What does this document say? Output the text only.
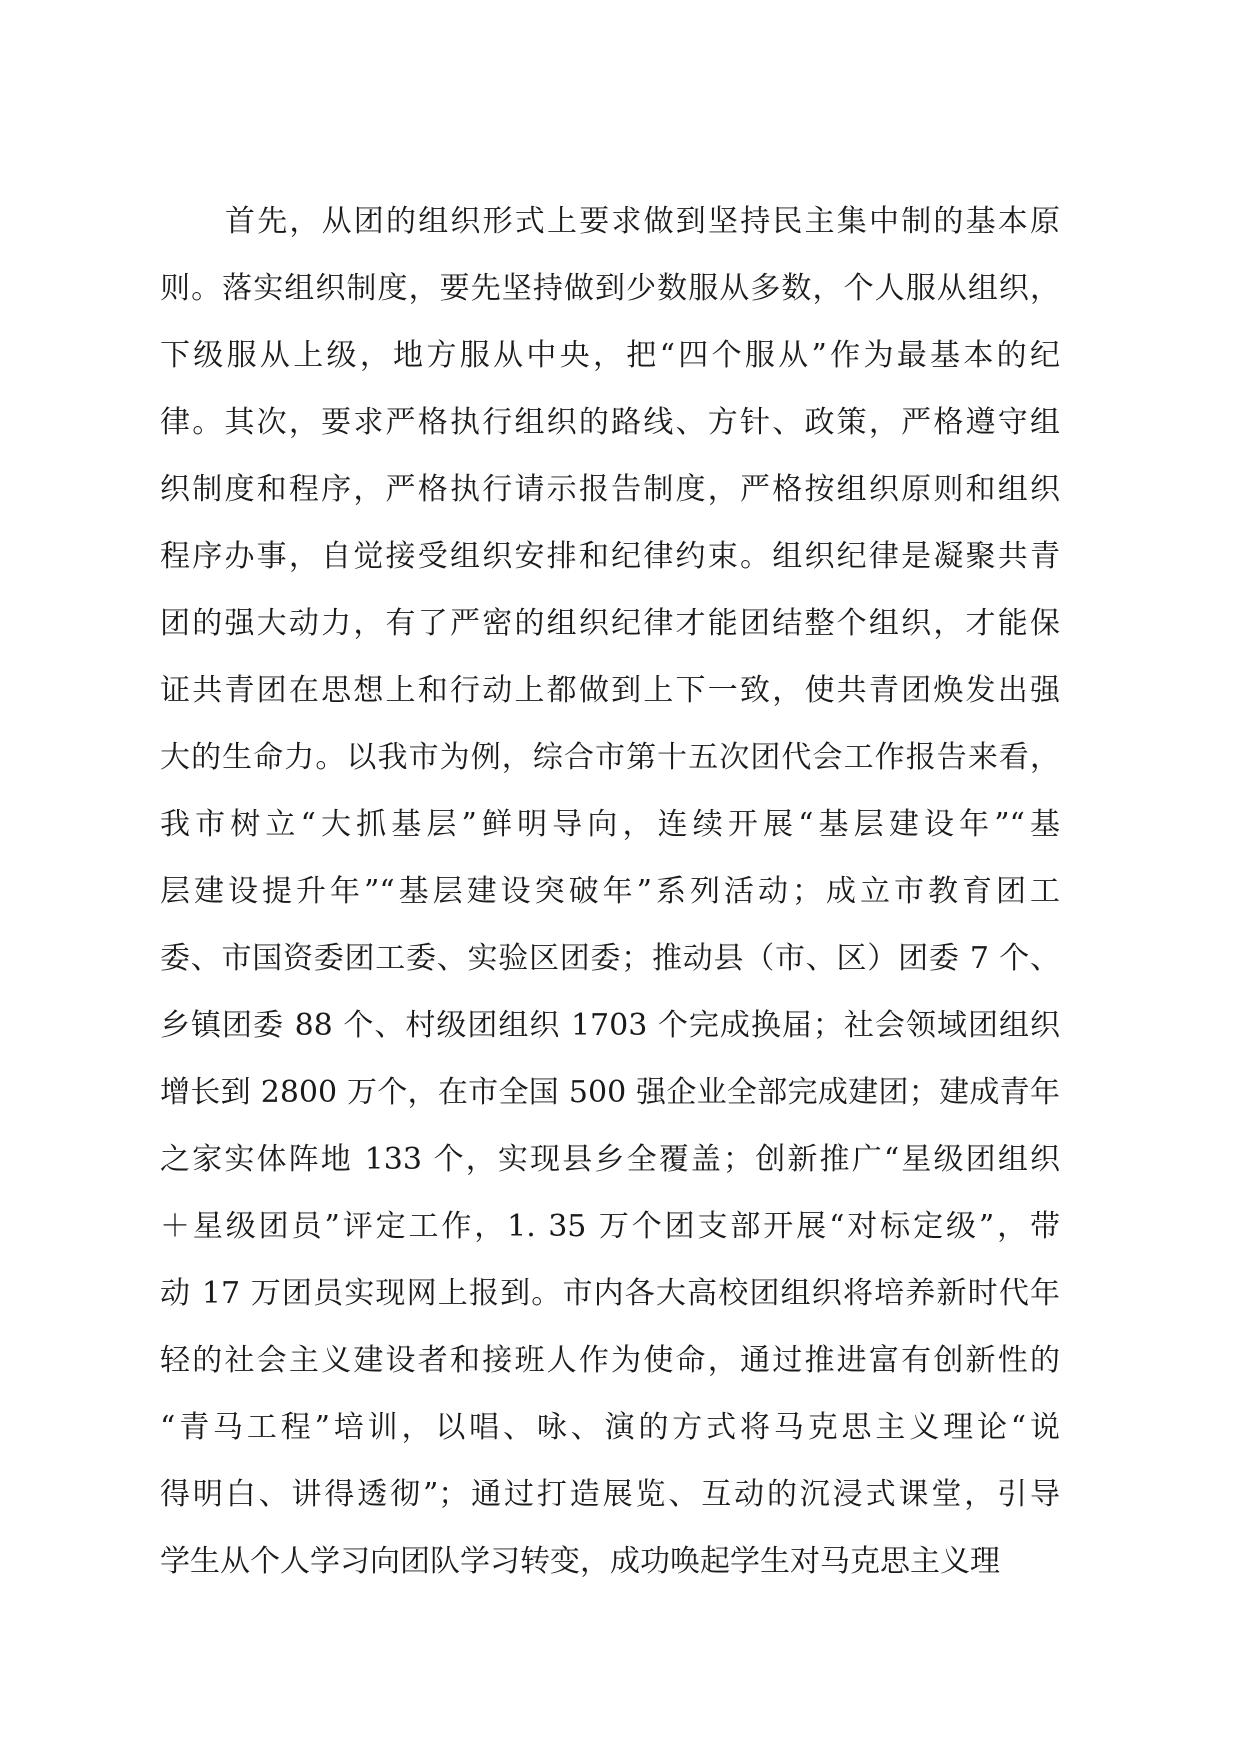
首先，从团的组织形式上要求做到坚持民主集中制的基本原
则。落实组织制度，要先坚持做到少数服从多数，个人服从组织，
下级服从上级，地方服从中央，把“四个服从”作为最基本的纪
律。其次，要求严格执行组织的路线、方针、政策，严格遵守组
织制度和程序，严格执行请示报告制度，严格按组织原则和组织
程序办事，自觉接受组织安排和纪律约束。组织纪律是凝聚共青
团的强大动力，有了严密的组织纪律才能团结整个组织，才能保
证共青团在思想上和行动上都做到上下一致，使共青团焕发出强
大的生命力。以我市为例，综合市第十五次团代会工作报告来看，
我市树立“大抓基层”鲜明导向，连续开展“基层建设年”“基
层建设提升年”“基层建设突破年”系列活动；成立市教育团工
委、市国资委团工委、实验区团委；推动县（市、区）团委 7 个、
乡镇团委 88 个、村级团组织 1703 个完成换届；社会领域团组织
增长到 2800 万个，在市全国 500 强企业全部完成建团；建成青年
之家实体阵地 133 个，实现县乡全覆盖；创新推广“星级团组织
＋星级团员”评定工作，1. 35 万个团支部开展“对标定级”，带
动 17 万团员实现网上报到。市内各大高校团组织将培养新时代年
轻的社会主义建设者和接班人作为使命，通过推进富有创新性的
“青马工程”培训，以唱、咏、演的方式将马克思主义理论“说
得明白、讲得透彻”；通过打造展览、互动的沉浸式课堂，引导
学生从个人学习向团队学习转变，成功唤起学生对马克思主义理
